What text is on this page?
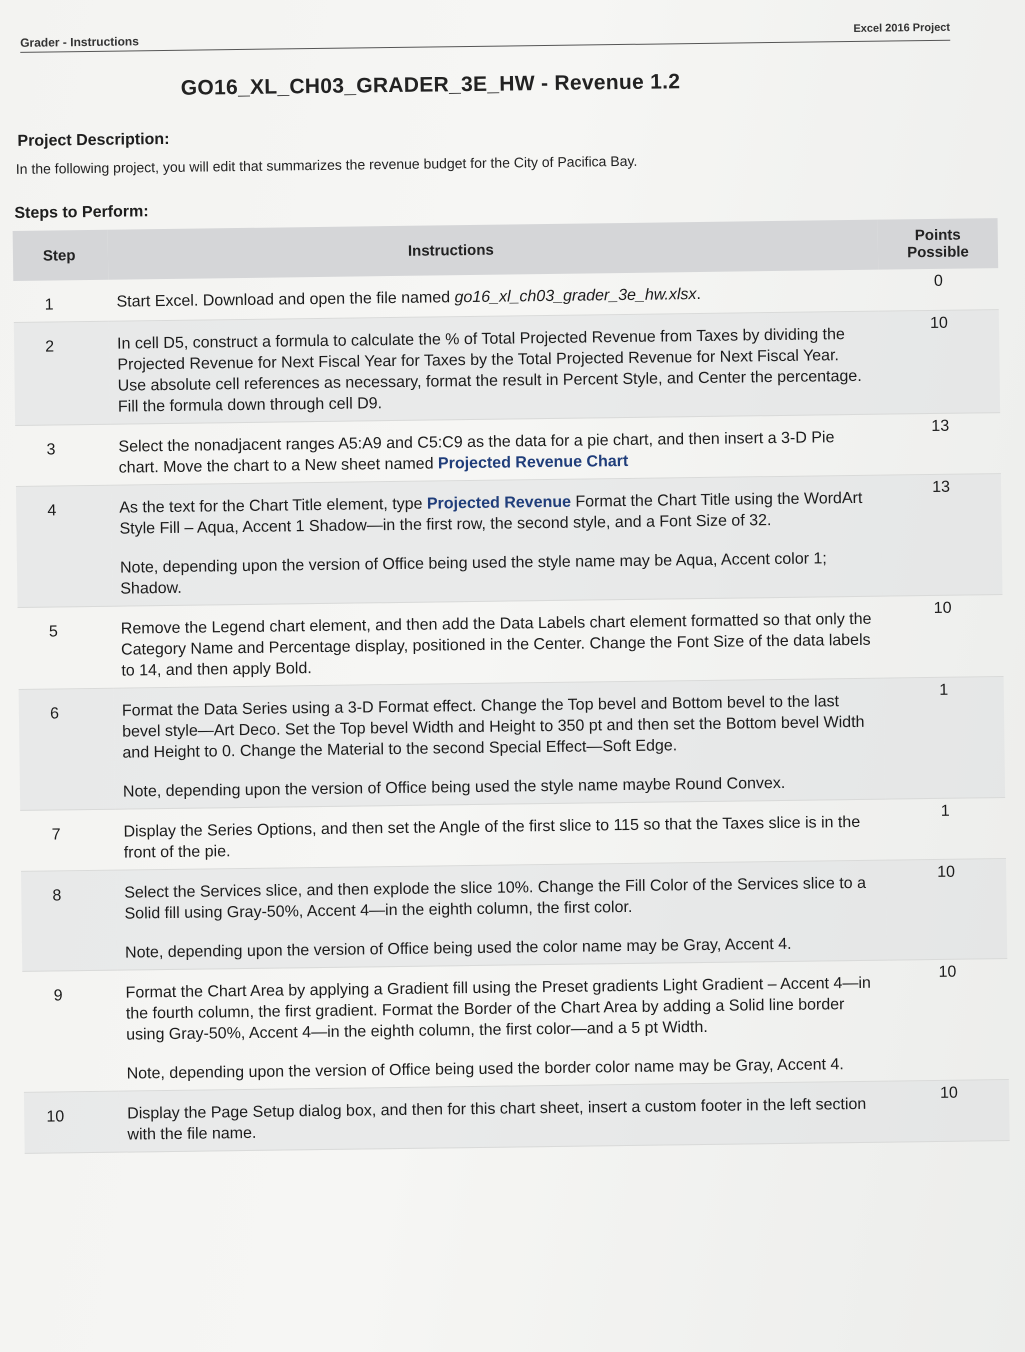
Grader - Instructions
Excel 2016 Project
GO16_XL_CH03_GRADER_3E_HW - Revenue 1.2
Project Description:
In the following project, you will edit that summarizes the revenue budget for the City of Pacifica Bay.
Steps to Perform:
Step	Instructions	Points Possible
1	Start Excel. Download and open the file named go16_xl_ch03_grader_3e_hw.xlsx.	0
2	In cell D5, construct a formula to calculate the % of Total Projected Revenue from Taxes by dividing the Projected Revenue for Next Fiscal Year for Taxes by the Total Projected Revenue for Next Fiscal Year. Use absolute cell references as necessary, format the result in Percent Style, and Center the percentage. Fill the formula down through cell D9.	10
3	Select the nonadjacent ranges A5:A9 and C5:C9 as the data for a pie chart, and then insert a 3-D Pie chart. Move the chart to a New sheet named Projected Revenue Chart	13
4	As the text for the Chart Title element, type Projected Revenue Format the Chart Title using the WordArt Style Fill – Aqua, Accent 1 Shadow—in the first row, the second style, and a Font Size of 32.

Note, depending upon the version of Office being used the style name may be Aqua, Accent color 1; Shadow.	13
5	Remove the Legend chart element, and then add the Data Labels chart element formatted so that only the Category Name and Percentage display, positioned in the Center. Change the Font Size of the data labels to 14, and then apply Bold.	10
6	Format the Data Series using a 3-D Format effect. Change the Top bevel and Bottom bevel to the last bevel style—Art Deco. Set the Top bevel Width and Height to 350 pt and then set the Bottom bevel Width and Height to 0. Change the Material to the second Special Effect—Soft Edge.

Note, depending upon the version of Office being used the style name maybe Round Convex.	1
7	Display the Series Options, and then set the Angle of the first slice to 115 so that the Taxes slice is in the front of the pie.	1
8	Select the Services slice, and then explode the slice 10%. Change the Fill Color of the Services slice to a Solid fill using Gray-50%, Accent 4—in the eighth column, the first color.

Note, depending upon the version of Office being used the color name may be Gray, Accent 4.	10
9	Format the Chart Area by applying a Gradient fill using the Preset gradients Light Gradient – Accent 4—in the fourth column, the first gradient. Format the Border of the Chart Area by adding a Solid line border using Gray-50%, Accent 4—in the eighth column, the first color—and a 5 pt Width.

Note, depending upon the version of Office being used the border color name may be Gray, Accent 4.	10
10	Display the Page Setup dialog box, and then for this chart sheet, insert a custom footer in the left section with the file name.	10
